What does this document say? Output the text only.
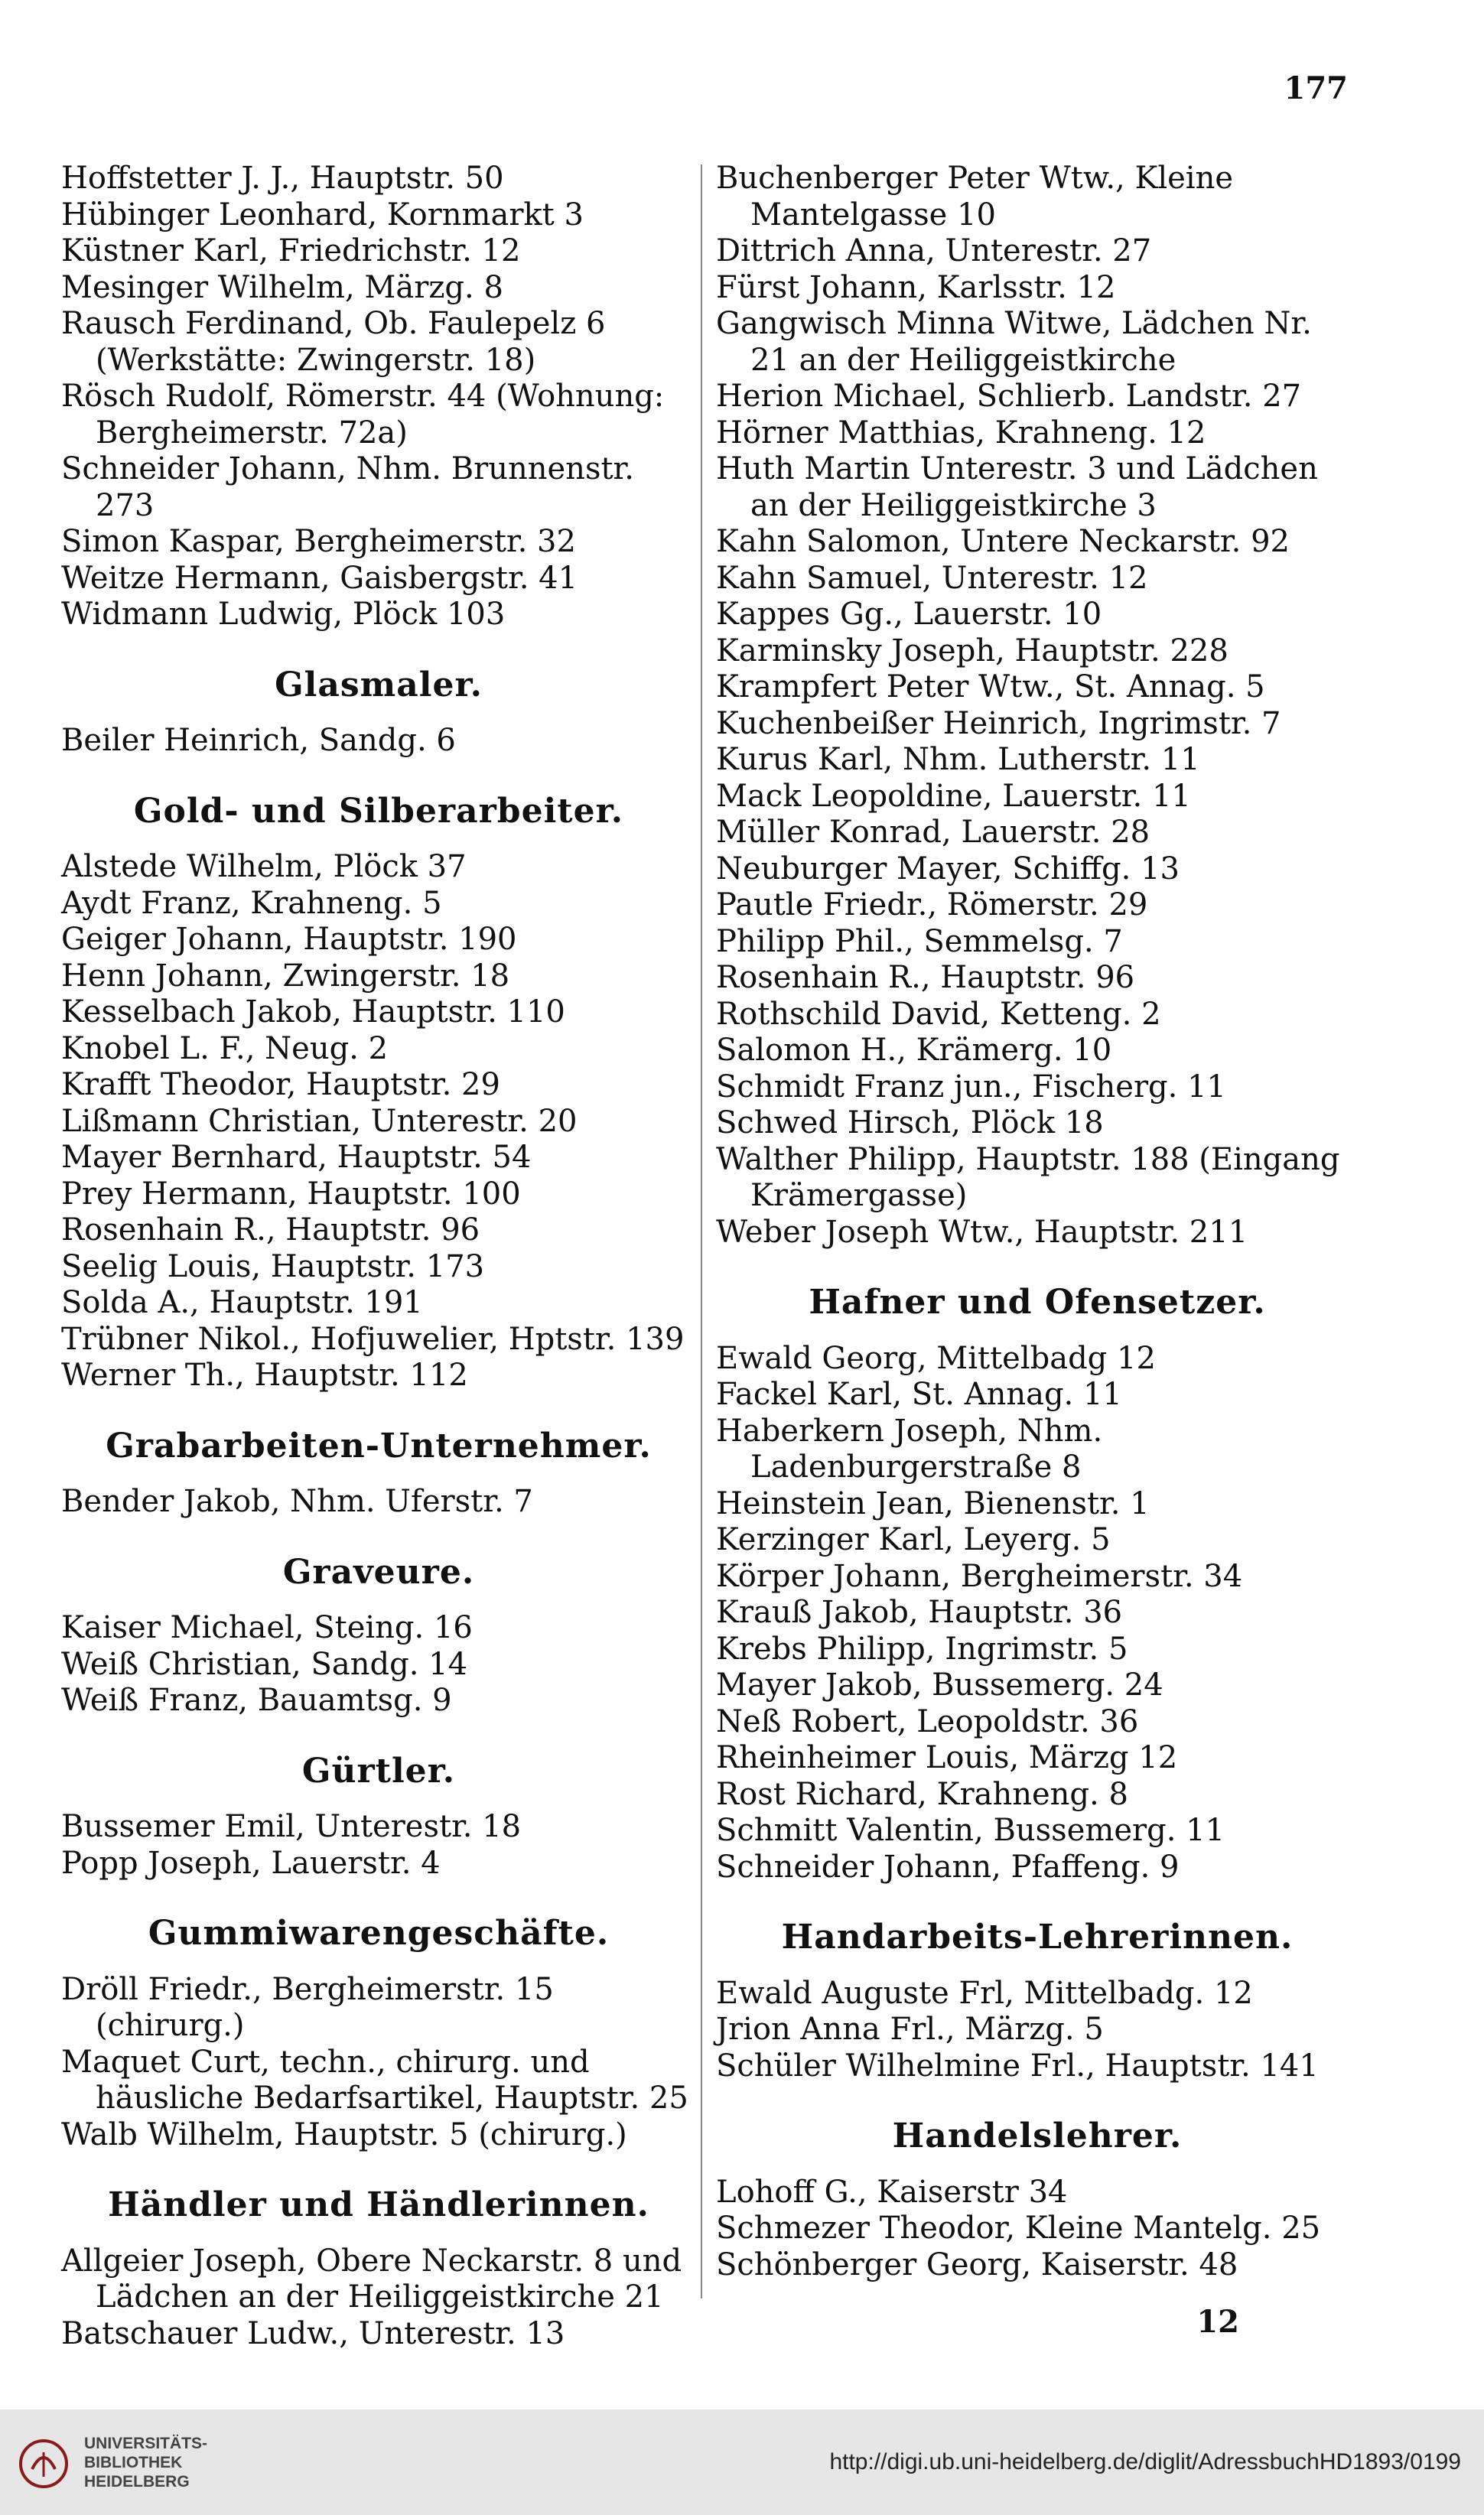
177

Hoffstetter J. J., Hauptstr. 50

Hübinger Leonhard, Kornmarkt 3

Küstner Karl, Friedrichstr. 12

Mesinger Wilhelm, Märzg. 8

Rausch Ferdinand, Ob. Faulepelz 6 (Werkstätte: Zwingerstr. 18)

Rösch Rudolf, Römerstr. 44 (Wohnung: Bergheimerstr. 72a)

Schneider Johann, Nhm. Brunnenstr. 273

Simon Kaspar, Bergheimerstr. 32

Weitze Hermann, Gaisbergstr. 41

Widmann Ludwig, Plöck 103

Glasmaler.

Beiler Heinrich, Sandg. 6

Gold- und Silberarbeiter.

Alstede Wilhelm, Plöck 37

Aydt Franz, Krahneng. 5

Geiger Johann, Hauptstr. 190

Henn Johann, Zwingerstr. 18

Kesselbach Jakob, Hauptstr. 110

Knobel L. F., Neug. 2

Krafft Theodor, Hauptstr. 29

Lißmann Christian, Unterestr. 20

Mayer Bernhard, Hauptstr. 54

Prey Hermann, Hauptstr. 100

Rosenhain R., Hauptstr. 96

Seelig Louis, Hauptstr. 173

Solda A., Hauptstr. 191

Trübner Nikol., Hofjuwelier, Hptstr. 139

Werner Th., Hauptstr. 112

Grabarbeiten-Unternehmer.

Bender Jakob, Nhm. Uferstr. 7

Graveure.

Kaiser Michael, Steing. 16

Weiß Christian, Sandg. 14

Weiß Franz, Bauamtsg. 9

Gürtler.

Bussemer Emil, Unterestr. 18

Popp Joseph, Lauerstr. 4

Gummiwarengeschäfte.

Dröll Friedr., Bergheimerstr. 15 (chirurg.)

Maquet Curt, techn., chirurg. und häusliche Bedarfsartikel, Hauptstr. 25

Walb Wilhelm, Hauptstr. 5 (chirurg.)

Händler und Händlerinnen.

Allgeier Joseph, Obere Neckarstr. 8 und Lädchen an der Heiliggeistkirche 21

Batschauer Ludw., Unterestr. 13

Buchenberger Peter Wtw., Kleine Mantelgasse 10

Dittrich Anna, Unterestr. 27

Fürst Johann, Karlsstr. 12

Gangwisch Minna Witwe, Lädchen Nr. 21 an der Heiliggeistkirche

Herion Michael, Schlierb. Landstr. 27

Hörner Matthias, Krahneng. 12

Huth Martin Unterestr. 3 und Lädchen an der Heiliggeistkirche 3

Kahn Salomon, Untere Neckarstr. 92

Kahn Samuel, Unterestr. 12

Kappes Gg., Lauerstr. 10

Karminsky Joseph, Hauptstr. 228

Krampfert Peter Wtw., St. Annag. 5

Kuchenbeißer Heinrich, Ingrimstr. 7

Kurus Karl, Nhm. Lutherstr. 11

Mack Leopoldine, Lauerstr. 11

Müller Konrad, Lauerstr. 28

Neuburger Mayer, Schiffg. 13

Pautle Friedr., Römerstr. 29

Philipp Phil., Semmelsg. 7

Rosenhain R., Hauptstr. 96

Rothschild David, Ketteng. 2

Salomon H., Krämerg. 10

Schmidt Franz jun., Fischerg. 11

Schwed Hirsch, Plöck 18

Walther Philipp, Hauptstr. 188 (Eingang Krämergasse)

Weber Joseph Wtw., Hauptstr. 211

Hafner und Ofensetzer.

Ewald Georg, Mittelbadg 12

Fackel Karl, St. Annag. 11

Haberkern Joseph, Nhm. Ladenburgerstraße 8

Heinstein Jean, Bienenstr. 1

Kerzinger Karl, Leyerg. 5

Körper Johann, Bergheimerstr. 34

Krauß Jakob, Hauptstr. 36

Krebs Philipp, Ingrimstr. 5

Mayer Jakob, Bussemerg. 24

Neß Robert, Leopoldstr. 36

Rheinheimer Louis, Märzg 12

Rost Richard, Krahneng. 8

Schmitt Valentin, Bussemerg. 11

Schneider Johann, Pfaffeng. 9

Handarbeits-Lehrerinnen.

Ewald Auguste Frl, Mittelbadg. 12

Jrion Anna Frl., Märzg. 5

Schüler Wilhelmine Frl., Hauptstr. 141

Handelslehrer.

Lohoff G., Kaiserstr 34

Schmezer Theodor, Kleine Mantelg. 25

Schönberger Georg, Kaiserstr. 48

12
UNIVERSITÄTS-
BIBLIOTHEK
HEIDELBERG
http://digi.ub.uni-heidelberg.de/diglit/AdressbuchHD1893/0199
